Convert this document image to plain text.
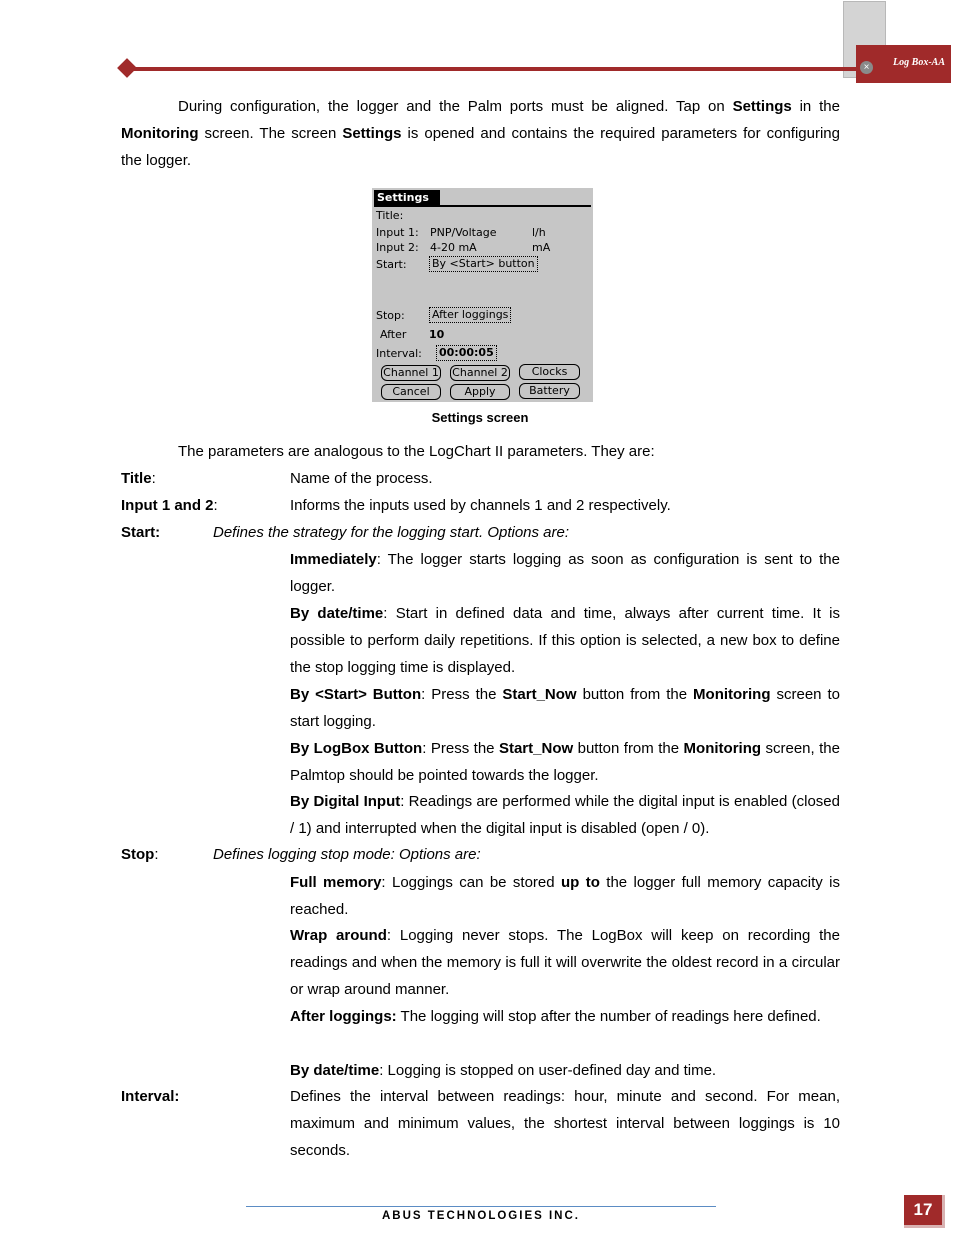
Log Box-AA
×
During configuration, the logger and the Palm ports must be aligned. Tap on Settings in the Monitoring screen. The screen Settings is opened and contains the required parameters for configuring the logger.
Settings
Title:
Input 1: PNP/Voltage	l/h
Input 2: 4-20 mA	mA
Start: By <Start> button
Stop: After loggings
After 10
Interval: 00:00:05
Channel 1 Channel 2	Clocks
Cancel	Apply	Battery
Settings screen
The parameters are analogous to the LogChart II parameters. They are:
Title:	Name of the process.
Input 1 and 2:	Informs the inputs used by channels 1 and 2 respectively.
Start:	Defines the strategy for the logging start. Options are:
Immediately: The logger starts logging as soon as configuration is sent to the logger.
By date/time: Start in defined data and time, always after current time. It is possible to perform daily repetitions. If this option is selected, a new box to define the stop logging time is displayed.
By <Start> Button: Press the Start_Now button from the Monitoring screen to start logging.
By LogBox Button: Press the Start_Now button from the Monitoring screen, the Palmtop should be pointed towards the logger.
By Digital Input: Readings are performed while the digital input is enabled (closed / 1) and interrupted when the digital input is disabled (open / 0).
Stop:	Defines logging stop mode: Options are:
Full memory: Loggings can be stored up to the logger full memory capacity is reached.
Wrap around: Logging never stops. The LogBox will keep on recording the readings and when the memory is full it will overwrite the oldest record in a circular or wrap around manner.
After loggings: The logging will stop after the number of readings here defined.
By date/time: Logging is stopped on user-defined day and time.
Interval:	Defines the interval between readings: hour, minute and second. For mean, maximum and minimum values, the shortest interval between loggings is 10 seconds.
ABUS TECHNOLOGIES INC.	17
